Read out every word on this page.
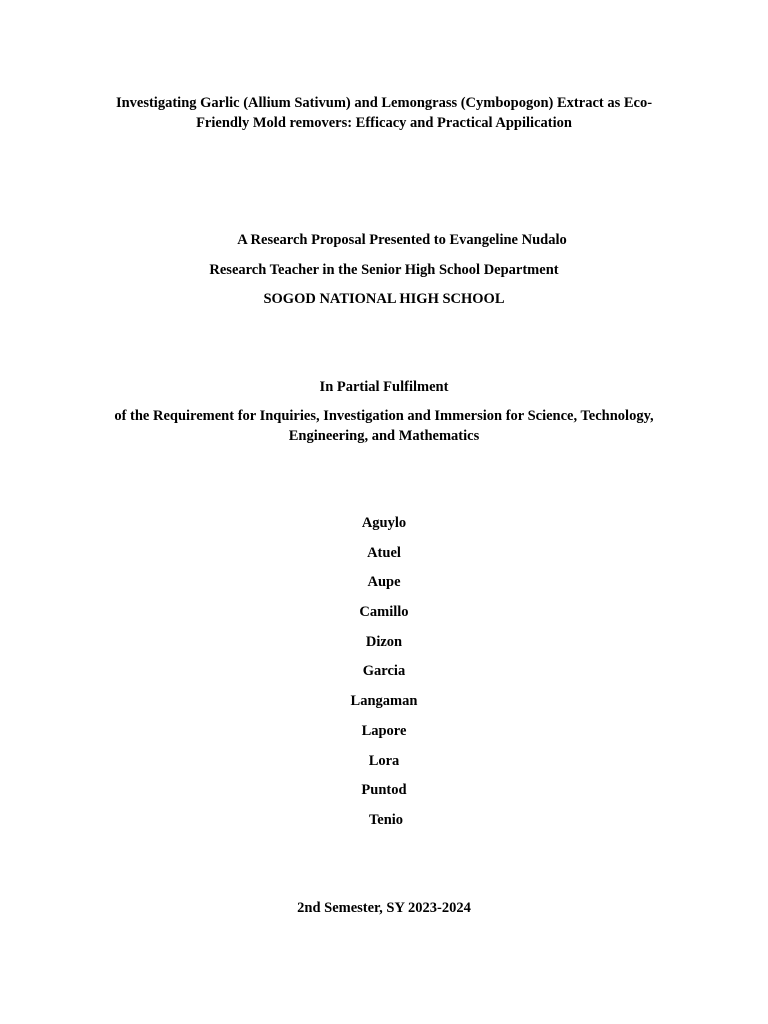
Investigating Garlic (Allium Sativum) and Lemongrass (Cymbopogon) Extract as Eco-
Friendly Mold removers: Efficacy and Practical Appilication
A Research Proposal Presented to Evangeline Nudalo
Research Teacher in the Senior High School Department
SOGOD NATIONAL HIGH SCHOOL
In Partial Fulfilment
of the Requirement for Inquiries, Investigation and Immersion for Science, Technology,
Engineering, and Mathematics
Aguylo
Atuel
Aupe
Camillo
Dizon
Garcia
Langaman
Lapore
Lora
Puntod
Tenio
2nd Semester, SY 2023-2024
